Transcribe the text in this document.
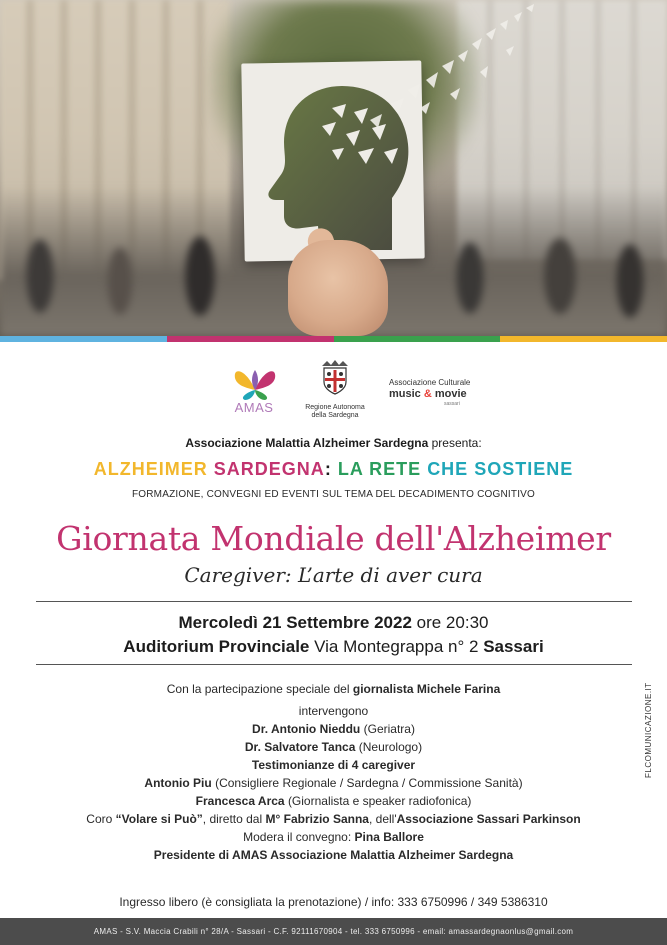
AMAS	Regione Autonoma
della Sardegna
Associazione Culturale
music & movie
sassari
Associazione Malattia Alzheimer Sardegna presenta:
ALZHEIMER SARDEGNA: LA RETE CHE SOSTIENE
FORMAZIONE, CONVEGNI ED EVENTI SUL TEMA DEL DECADIMENTO COGNITIVO
Giornata Mondiale dell'Alzheimer
Caregiver: L’arte di aver cura
Mercoledì 21 Settembre 2022 ore 20:30
Auditorium Provinciale Via Montegrappa n° 2 Sassari
Con la partecipazione speciale del giornalista Michele Farina
intervengono
Dr. Antonio Nieddu (Geriatra)
Dr. Salvatore Tanca (Neurologo)
Testimonianze di 4 caregiver
Antonio Piu (Consigliere Regionale / Sardegna / Commissione Sanità)
Francesca Arca (Giornalista e speaker radiofonica)
Coro “Volare si Può”, diretto dal M° Fabrizio Sanna, dell'Associazione Sassari Parkinson
Modera il convegno: Pina Ballore
Presidente di AMAS Associazione Malattia Alzheimer Sardegna
FLCOMUNICAZIONE.IT
Ingresso libero (è consigliata la prenotazione) / info: 333 6750996 / 349 5386310
AMAS - S.V. Maccia Crabili n° 28/A - Sassari - C.F. 92111670904 - tel. 333 6750996 - email: amassardegnaonlus@gmail.com
